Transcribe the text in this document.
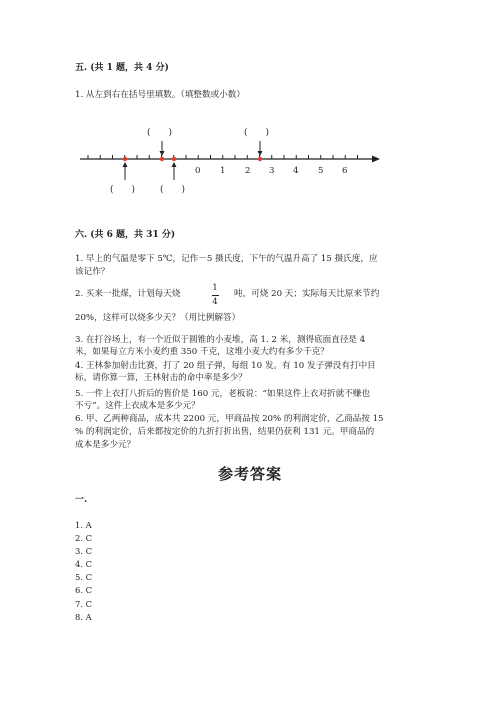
五. (共 1 题，共 4 分)
1. 从左到右在括号里填数。（填整数或小数）
( )	( )
( )	( )
0 1 2 3 4 5 6
六. (共 6 题，共 31 分)
1. 早上的气温是零下 5℃，记作－5 摄氏度，下午的气温升高了 15 摄氏度，应
该记作？
2. 买来一批煤，计划每天烧
1
4
吨，可烧 20 天；实际每天比原来节约
20%，这样可以烧多少天？（用比例解答）
3. 在打谷场上，有一个近似于圆锥的小麦堆，高 1. 2 米，测得底面直径是 4
米，如果每立方米小麦约重 350 千克，这堆小麦大约有多少千克？
4. 王林参加射击比赛，打了 20 组子弹，每组 10 发。有 10 发子弹没有打中目
标，请你算一算，王林射击的命中率是多少？
5. 一件上衣打八折后的售价是 160 元，老板说：“如果这件上衣对折就不赚也
不亏”。这件上衣成本是多少元？
6. 甲、乙两种商品，成本共 2200 元，甲商品按 20% 的利润定价，乙商品按 15
% 的利润定价，后来都按定价的九折打折出售，结果仍获利 131 元。甲商品的
成本是多少元？
参考答案
一.
1. A
2. C
3. C
4. C
5. C
6. C
7. C
8. A
